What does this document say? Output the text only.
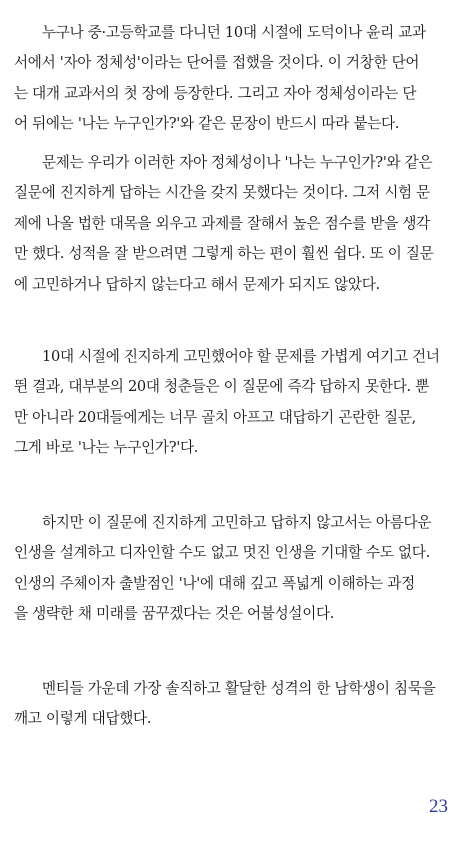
누구나 중·고등학교를 다니던 10대 시절에 도덕이나 윤리 교과
서에서 '자아 정체성'이라는 단어를 접했을 것이다. 이 거창한 단어
는 대개 교과서의 첫 장에 등장한다. 그리고 자아 정체성이라는 단
어 뒤에는 '나는 누구인가?'와 같은 문장이 반드시 따라 붙는다.

문제는 우리가 이러한 자아 정체성이나 '나는 누구인가?'와 같은
질문에 진지하게 답하는 시간을 갖지 못했다는 것이다. 그저 시험 문
제에 나올 법한 대목을 외우고 과제를 잘해서 높은 점수를 받을 생각
만 했다. 성적을 잘 받으려면 그렇게 하는 편이 훨씬 쉽다. 또 이 질문
에 고민하거나 답하지 않는다고 해서 문제가 되지도 않았다.

10대 시절에 진지하게 고민했어야 할 문제를 가볍게 여기고 건너
뛴 결과, 대부분의 20대 청춘들은 이 질문에 즉각 답하지 못한다. 뿐
만 아니라 20대들에게는 너무 골치 아프고 대답하기 곤란한 질문,
그게 바로 '나는 누구인가?'다.

하지만 이 질문에 진지하게 고민하고 답하지 않고서는 아름다운
인생을 설계하고 디자인할 수도 없고 멋진 인생을 기대할 수도 없다.
인생의 주체이자 출발점인 '나'에 대해 깊고 폭넓게 이해하는 과정
을 생략한 채 미래를 꿈꾸겠다는 것은 어불성설이다.

멘티들 가운데 가장 솔직하고 활달한 성격의 한 남학생이 침묵을
깨고 이렇게 대답했다.

23
